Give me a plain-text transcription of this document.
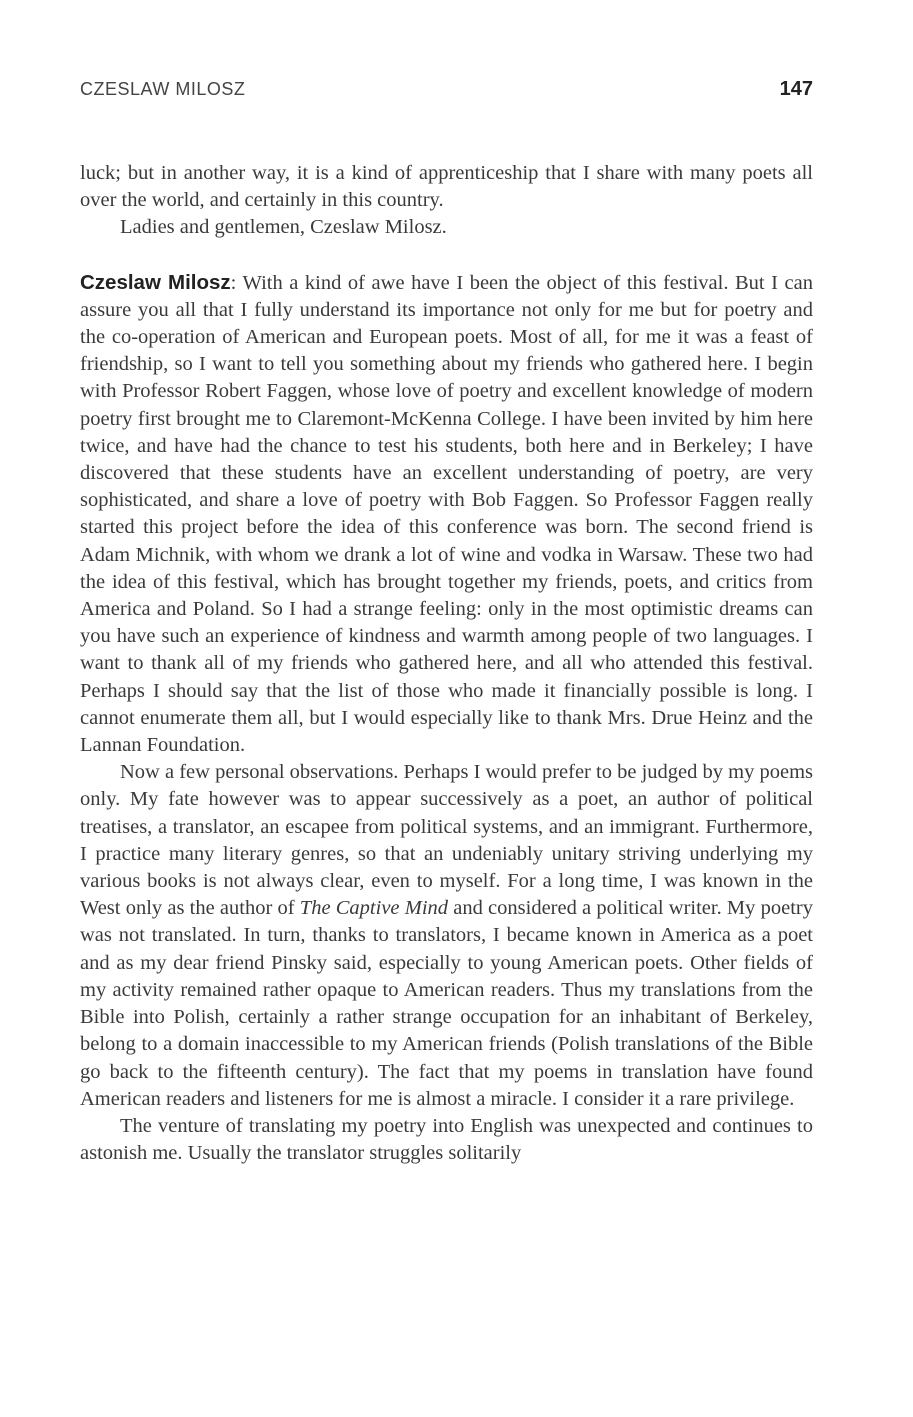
CZESLAW MILOSZ	147

luck; but in another way, it is a kind of apprenticeship that I share with many poets all over the world, and certainly in this country.

Ladies and gentlemen, Czeslaw Milosz.

Czeslaw Milosz: With a kind of awe have I been the object of this festival. But I can assure you all that I fully understand its importance not only for me but for poetry and the co-operation of American and European poets. Most of all, for me it was a feast of friendship, so I want to tell you something about my friends who gathered here. I begin with Professor Robert Faggen, whose love of poetry and excellent knowledge of modern poetry first brought me to Claremont-McKenna College. I have been invited by him here twice, and have had the chance to test his students, both here and in Berkeley; I have discovered that these students have an excellent understanding of poetry, are very sophisticated, and share a love of poetry with Bob Faggen. So Professor Faggen really started this project before the idea of this conference was born. The second friend is Adam Michnik, with whom we drank a lot of wine and vodka in Warsaw. These two had the idea of this festival, which has brought together my friends, poets, and critics from America and Poland. So I had a strange feeling: only in the most optimistic dreams can you have such an experience of kindness and warmth among people of two languages. I want to thank all of my friends who gathered here, and all who attended this festival. Perhaps I should say that the list of those who made it financially possible is long. I cannot enumerate them all, but I would especially like to thank Mrs. Drue Heinz and the Lannan Foundation.

Now a few personal observations. Perhaps I would prefer to be judged by my poems only. My fate however was to appear successively as a poet, an author of political treatises, a translator, an escapee from political systems, and an immigrant. Furthermore, I practice many literary genres, so that an undeniably unitary striving underlying my various books is not always clear, even to myself. For a long time, I was known in the West only as the author of The Captive Mind and considered a political writer. My poetry was not translated. In turn, thanks to translators, I became known in America as a poet and as my dear friend Pinsky said, especially to young American poets. Other fields of my activity remained rather opaque to American readers. Thus my translations from the Bible into Polish, certainly a rather strange occupation for an inhabitant of Berkeley, belong to a domain inaccessible to my American friends (Polish translations of the Bible go back to the fifteenth century). The fact that my poems in translation have found American readers and listeners for me is almost a miracle. I consider it a rare privilege.

The venture of translating my poetry into English was unexpected and continues to astonish me. Usually the translator struggles solitarily
